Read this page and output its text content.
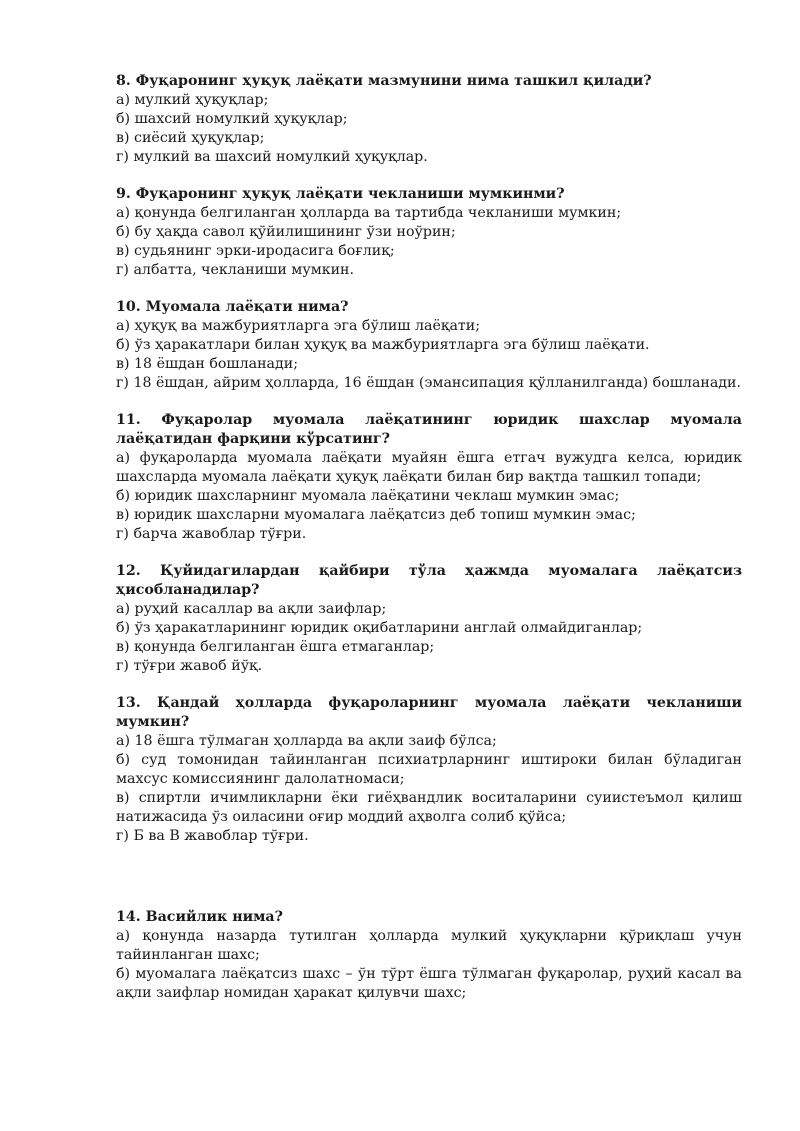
8. Фуқаронинг ҳуқуқ лаёқати мазмунини нима ташкил қилади?

а) мулкий ҳуқуқлар;

б) шахсий номулкий ҳуқуқлар;

в) сиёсий ҳуқуқлар;

г) мулкий ва шахсий номулкий ҳуқуқлар.

9. Фуқаронинг ҳуқуқ лаёқати чекланиши мумкинми?

а) қонунда белгиланган ҳолларда ва тартибда чекланиши мумкин;

б) бу ҳақда савол қўйилишининг ўзи ноўрин;

в) судьянинг эрки-иродасига боғлиқ;

г) албатта, чекланиши мумкин.

10. Муомала лаёқати нима?

а) ҳуқуқ ва мажбуриятларга эга бўлиш лаёқати;

б) ўз ҳаракатлари билан ҳуқуқ ва мажбуриятларга эга бўлиш лаёқати.

в) 18 ёшдан бошланади;

г) 18 ёшдан, айрим ҳолларда, 16 ёшдан (эмансипация қўлланилганда) бошланади.

11. Фуқаролар муомала лаёқатининг юридик шахслар муомала лаёқатидан фарқини кўрсатинг?

а) фуқароларда муомала лаёқати муайян ёшга етгач вужудга келса, юридик шахсларда муомала лаёқати ҳуқуқ лаёқати билан бир вақтда ташкил топади;

б) юридик шахсларнинг муомала лаёқатини чеклаш мумкин эмас;

в) юридик шахсларни муомалага лаёқатсиз деб топиш мумкин эмас;

г) барча жавоблар тўғри.

12. Қуйидагилардан қайбири тўла ҳажмда муомалага лаёқатсиз ҳисобланадилар?

а) руҳий касаллар ва ақли заифлар;

б) ўз ҳаракатларининг юридик оқибатларини англай олмайдиганлар;

в) қонунда белгиланган ёшга етмаганлар;

г) тўғри жавоб йўқ.

13. Қандай ҳолларда фуқароларнинг муомала лаёқати чекланиши мумкин?

а) 18 ёшга тўлмаган ҳолларда ва ақли заиф бўлса;

б) суд томонидан тайинланган психиатрларнинг иштироки билан бўладиган махсус комиссиянинг далолатномаси;

в) спиртли ичимликларни ёки гиёҳвандлик воситаларини суиистеъмол қилиш натижасида ўз оиласини оғир моддий аҳволга солиб қўйса;

г) Б ва В жавоблар тўғри.

14. Васийлик нима?

а) қонунда назарда тутилган ҳолларда мулкий ҳуқуқларни қўриқлаш учун тайинланган шахс;

б) муомалага лаёқатсиз шахс – ўн тўрт ёшга тўлмаган фуқаролар, руҳий касал ва ақли заифлар номидан ҳаракат қилувчи шахс;
